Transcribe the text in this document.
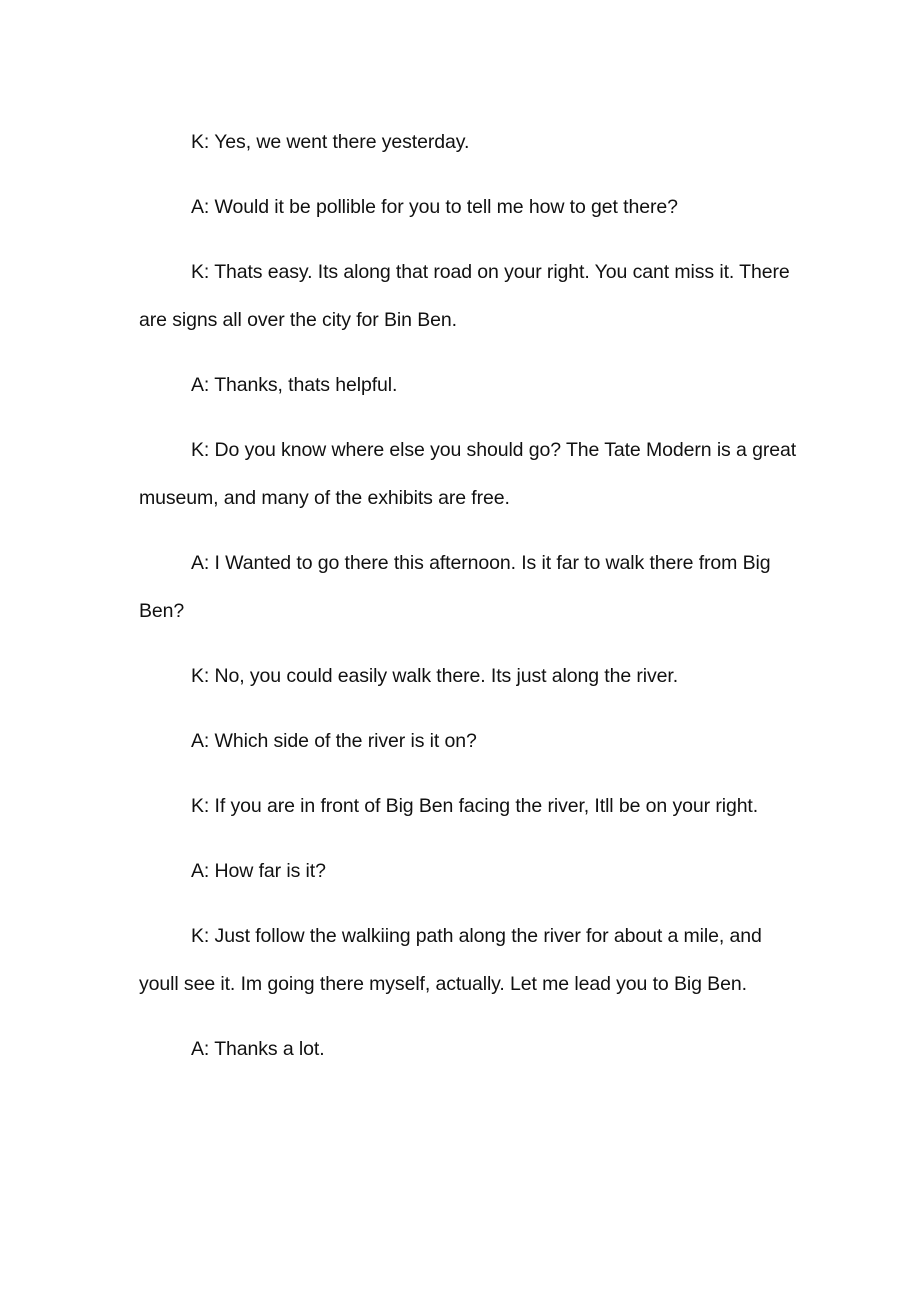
K: Yes, we went there yesterday.

A: Would it be pollible for you to tell me how to get there?

K: Thats easy. Its along that road on your right. You cant miss it. There are signs all over the city for Bin Ben.

A: Thanks, thats helpful.

K: Do you know where else you should go? The Tate Modern is a great museum, and many of the exhibits are free.

A: I Wanted to go there this afternoon. Is it far to walk there from Big Ben?

K: No, you could easily walk there. Its just along the river.

A: Which side of the river is it on?

K: If you are in front of Big Ben facing the river, Itll be on your right.

A: How far is it?

K: Just follow the walkiing path along the river for about a mile, and youll see it. Im going there myself, actually. Let me lead you to Big Ben.

A: Thanks a lot.
